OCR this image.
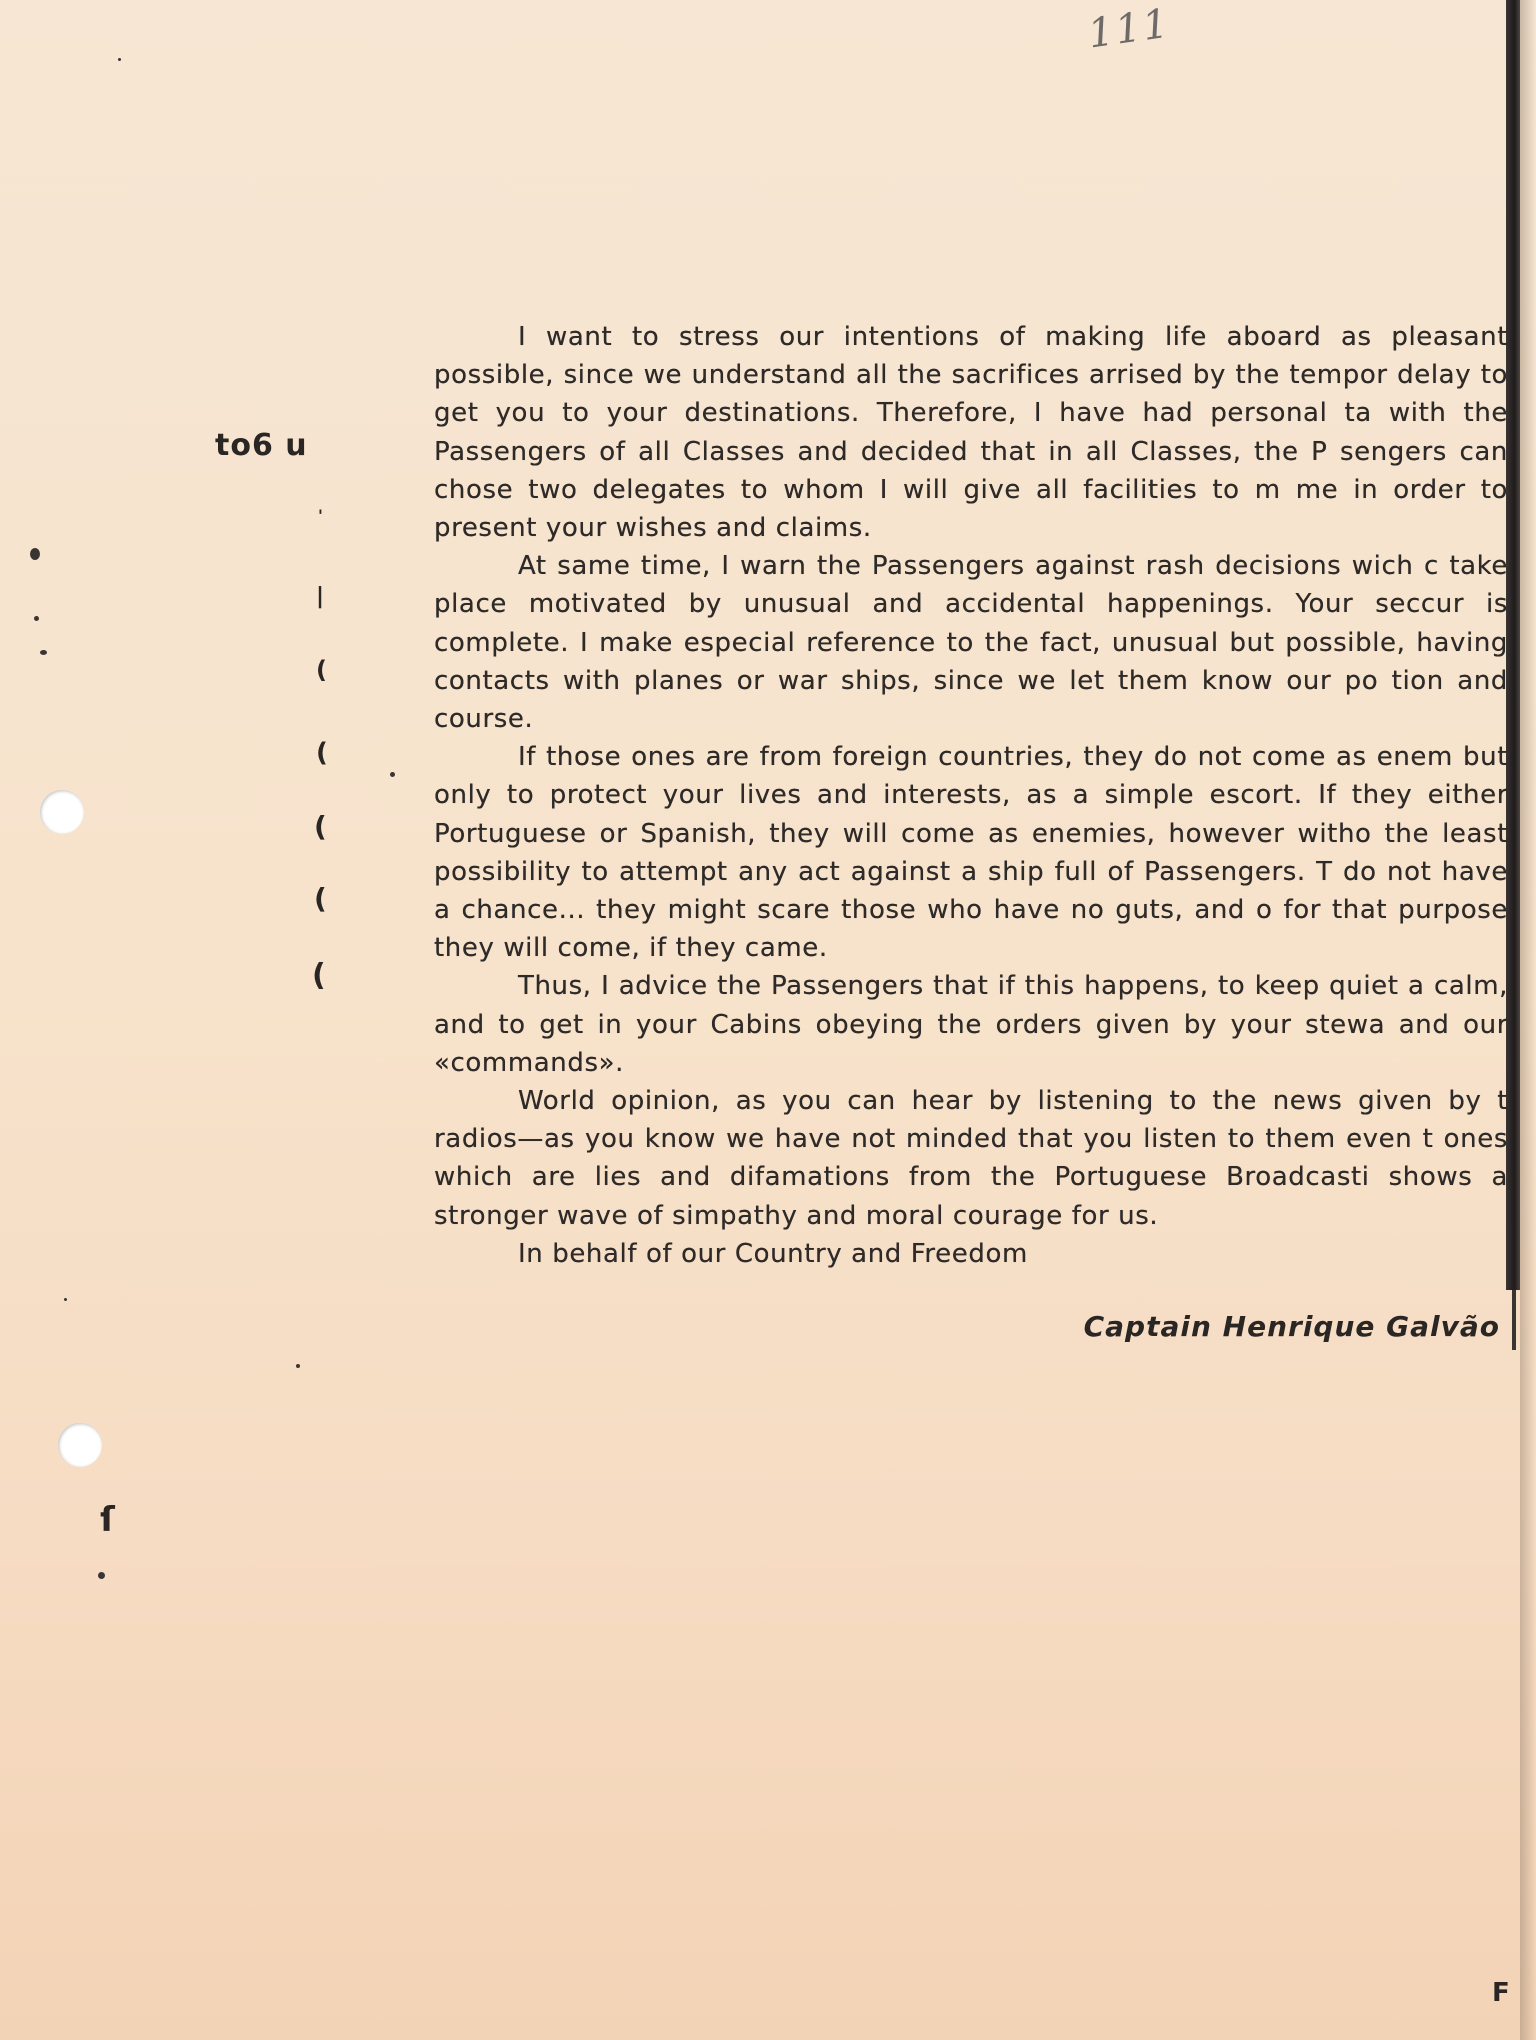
111
to6 u
'
|
(
(
(
(
(
ſ

I want to stress our intentions of making life aboard as pleasant possible, since we understand all the sacrifices arrised by the tempor delay to get you to your destinations. Therefore, I have had personal ta with the Passengers of all Classes and decided that in all Classes, the P sengers can chose two delegates to whom I will give all facilities to m me in order to present your wishes and claims.

At same time, I warn the Passengers against rash decisions wich c take place motivated by unusual and accidental happenings. Your seccur is complete. I make especial reference to the fact, unusual but possible, having contacts with planes or war ships, since we let them know our po tion and course.

If those ones are from foreign countries, they do not come as enem but only to protect your lives and interests, as a simple escort. If they either Portuguese or Spanish, they will come as enemies, however witho the least possibility to attempt any act against a ship full of Passengers. T do not have a chance... they might scare those who have no guts, and o for that purpose they will come, if they came.

Thus, I advice the Passengers that if this happens, to keep quiet a calm, and to get in your Cabins obeying the orders given by your stewa and our «commands».

World opinion, as you can hear by listening to the news given by t radios—as you know we have not minded that you listen to them even t ones which are lies and difamations from the Portuguese Broadcasti shows a stronger wave of simpathy and moral courage for us.

In behalf of our Country and Freedom

Captain Henrique Galvão
F
